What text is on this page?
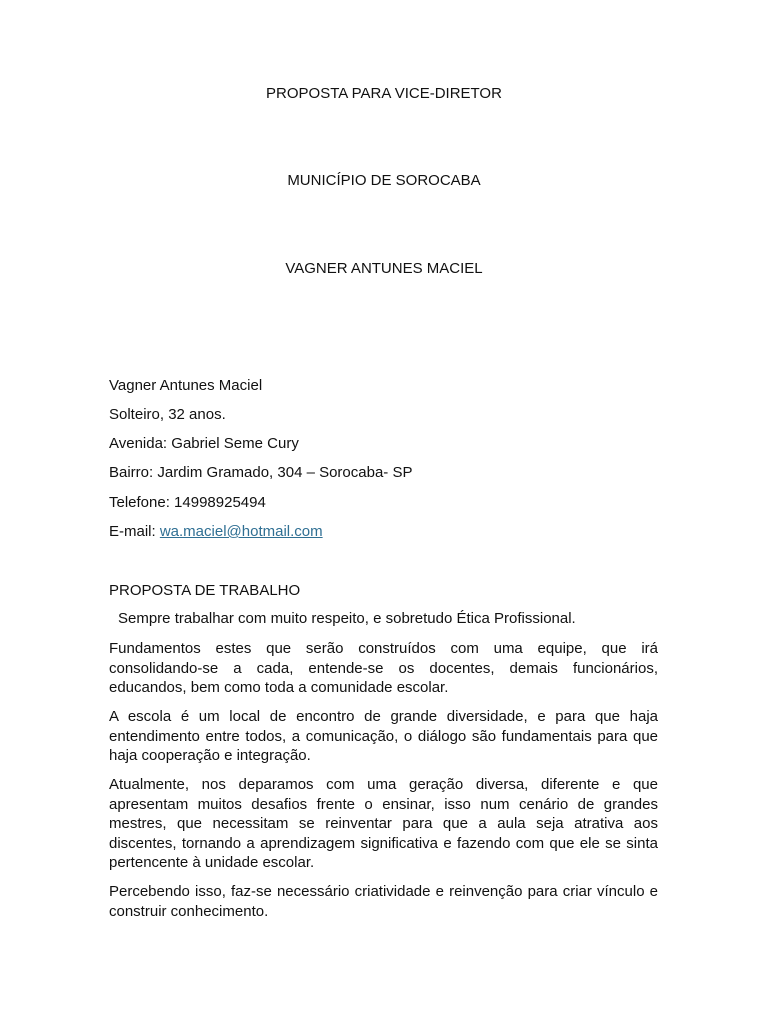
PROPOSTA PARA VICE-DIRETOR
MUNICÍPIO DE SOROCABA
VAGNER ANTUNES MACIEL
Vagner Antunes Maciel
Solteiro, 32 anos.
Avenida: Gabriel Seme Cury
Bairro: Jardim Gramado, 304 – Sorocaba- SP
Telefone: 14998925494
E-mail: wa.maciel@hotmail.com
PROPOSTA DE TRABALHO
Sempre trabalhar com muito respeito, e sobretudo Ética Profissional.
Fundamentos estes que serão construídos com uma equipe, que irá consolidando-se a cada, entende-se os docentes, demais funcionários, educandos, bem como toda a comunidade escolar.
A escola é um local de encontro de grande diversidade, e para que haja entendimento entre todos, a comunicação, o diálogo são fundamentais para que haja cooperação e integração.
Atualmente, nos deparamos com uma geração diversa, diferente e que apresentam muitos desafios frente o ensinar, isso num cenário de grandes mestres, que necessitam se reinventar para que a aula seja atrativa aos discentes, tornando a aprendizagem significativa e fazendo com que ele se sinta pertencente à unidade escolar.
Percebendo isso, faz-se necessário criatividade e reinvenção para criar vínculo e construir conhecimento.
